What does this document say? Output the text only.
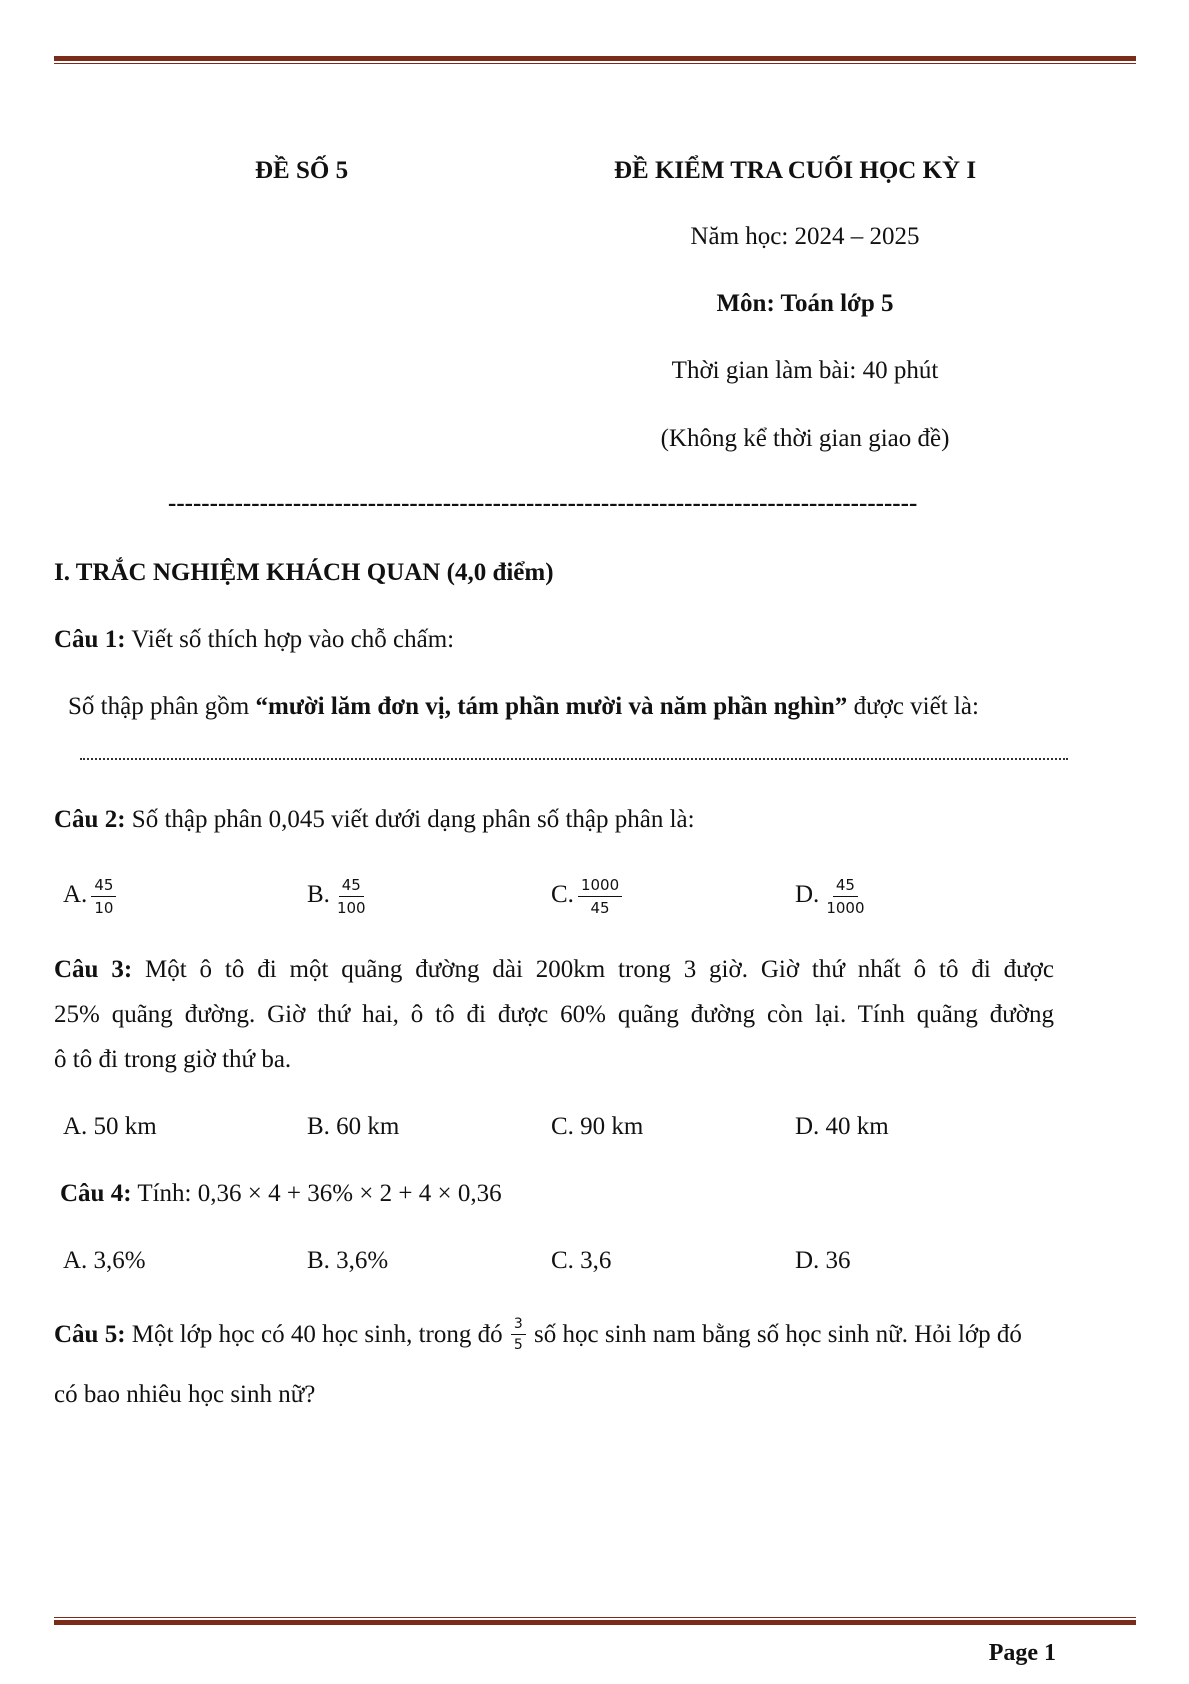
ĐỀ SỐ 5	ĐỀ KIỂM TRA CUỐI HỌC KỲ I
Năm học: 2024 – 2025
Môn: Toán lớp 5
Thời gian làm bài: 40 phút
(Không kể thời gian giao đề)
------------------------------------------------------------------------------------------
I. TRẮC NGHIỆM KHÁCH QUAN (4,0 điểm)
Câu 1: Viết số thích hợp vào chỗ chấm:
Số thập phân gồm “mười lăm đơn vị, tám phần mười và năm phần nghìn” được viết là:
Câu 2: Số thập phân 0,045 viết dưới dạng phân số thập phân là:
A. $\frac{45}{10}$	B. $\frac{45}{100}$	C. $\frac{1000}{45}$	D. $\frac{45}{1000}$
Câu 3: Một ô tô đi một quãng đường dài 200km trong 3 giờ. Giờ thứ nhất ô tô đi được
25% quãng đường. Giờ thứ hai, ô tô đi được 60% quãng đường còn lại. Tính quãng đường
ô tô đi trong giờ thứ ba.
A. 50 km	B. 60 km	C. 90 km	D. 40 km
Câu 4: Tính: 0,36 × 4 + 36% × 2 + 4 × 0,36
A. 3,6%	B. 3,6%	C. 3,6	D. 36
Câu 5: Một lớp học có 40 học sinh, trong đó $\frac{3}{5}$ số học sinh nam bằng số học sinh nữ. Hỏi lớp đó
có bao nhiêu học sinh nữ?
Page 1
